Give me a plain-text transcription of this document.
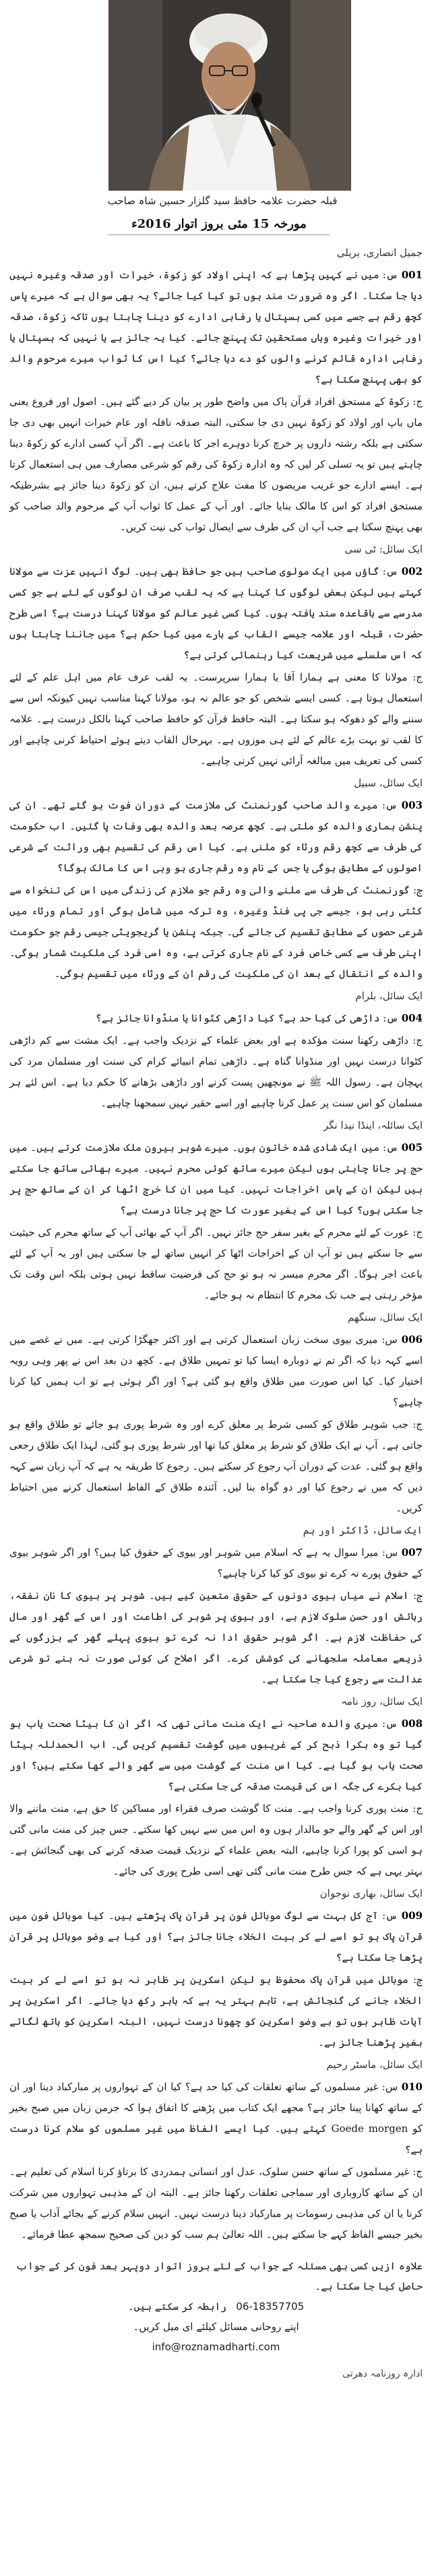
قبلہ حضرت علامہ حافظ سید گلزار حسین شاہ صاحب
مورخہ 15 مئی بروز اتوار 2016ء

جمیل انصاری، بریلی

001 س: میں نے کہیں پڑھا ہے کہ اپنی اولاد کو زکوۃ، خیرات اور صدقہ وغیرہ نہیں دیا جا سکتا۔ اگر وہ ضرورت مند ہوں تو کیا کیا جائے؟ یہ بھی سوال ہے کہ میرے پاس کچھ رقم ہے جسے میں کسی ہسپتال یا رفاہی ادارے کو دینا چاہتا ہوں تاکہ زکوۃ، صدقہ اور خیرات وغیرہ وہاں مستحقین تک پہنچ جائے۔ کیا یہ جائز ہے یا نہیں کہ ہسپتال یا رفاہی ادارہ قائم کرنے والوں کو دے دیا جائے؟ کیا اس کا ثواب میرے مرحوم والد کو بھی پہنچ سکتا ہے؟

ج: زکوۃ کے مستحق افراد قرآن پاک میں واضح طور پر بیان کر دیے گئے ہیں۔ اصول اور فروع یعنی ماں باپ اور اولاد کو زکوۃ نہیں دی جا سکتی، البتہ صدقہ نافلہ اور عام خیرات انہیں بھی دی جا سکتی ہے بلکہ رشتہ داروں پر خرچ کرنا دوہرے اجر کا باعث ہے۔ اگر آپ کسی ادارے کو زکوۃ دینا چاہتے ہیں تو یہ تسلی کر لیں کہ وہ ادارہ زکوۃ کی رقم کو شرعی مصارف میں ہی استعمال کرتا ہے۔ ایسے ادارے جو غریب مریضوں کا مفت علاج کرتے ہیں، ان کو زکوۃ دینا جائز ہے بشرطیکہ مستحق افراد کو اس کا مالک بنایا جائے۔ اور آپ کے عمل کا ثواب آپ کے مرحوم والد صاحب کو بھی پہنچ سکتا ہے جب آپ ان کی طرف سے ایصال ثواب کی نیت کریں۔

ایک سائل: ٹی سی

002 س: گاؤں میں ایک مولوی صاحب ہیں جو حافظ بھی ہیں۔ لوگ انہیں عزت سے مولانا کہتے ہیں لیکن بعض لوگوں کا کہنا ہے کہ یہ لقب صرف ان لوگوں کے لئے ہے جو کسی مدرسے سے باقاعدہ سند یافتہ ہوں۔ کیا کسی غیر عالم کو مولانا کہنا درست ہے؟ اسی طرح حضرت، قبلہ اور علامہ جیسے القاب کے بارے میں کیا حکم ہے؟ میں جاننا چاہتا ہوں کہ اس سلسلے میں شریعت کیا رہنمائی کرتی ہے؟

ج: مولانا کا معنی ہے ہمارا آقا یا ہمارا سرپرست۔ یہ لقب عرف عام میں اہل علم کے لئے استعمال ہوتا ہے۔ کسی ایسے شخص کو جو عالم نہ ہو، مولانا کہنا مناسب نہیں کیونکہ اس سے سننے والے کو دھوکہ ہو سکتا ہے۔ البتہ حافظ قرآن کو حافظ صاحب کہنا بالکل درست ہے۔ علامہ کا لقب تو بہت بڑے عالم کے لئے ہی موزوں ہے۔ بہرحال القاب دیتے ہوئے احتیاط کرنی چاہیے اور کسی کی تعریف میں مبالغہ آرائی نہیں کرنی چاہیے۔

ایک سائل، سبیل

003 س: میرے والد صاحب گورنمنٹ کی ملازمت کے دوران فوت ہو گئے تھے۔ ان کی پنشن ہماری والدہ کو ملتی ہے۔ کچھ عرصہ بعد والدہ بھی وفات پا گئیں۔ اب حکومت کی طرف سے کچھ رقم ورثاء کو ملنی ہے۔ کیا اس رقم کی تقسیم بھی وراثت کے شرعی اصولوں کے مطابق ہوگی یا جس کے نام وہ رقم جاری ہو وہی اس کا مالک ہوگا؟

ج: گورنمنٹ کی طرف سے ملنے والی وہ رقم جو ملازم کی زندگی میں اس کی تنخواہ سے کٹتی رہی ہو، جیسے جی پی فنڈ وغیرہ، وہ ترکہ میں شامل ہوگی اور تمام ورثاء میں شرعی حصوں کے مطابق تقسیم کی جائے گی۔ جبکہ پنشن یا گریجویٹی جیسی رقم جو حکومت اپنی طرف سے کسی خاص فرد کے نام جاری کرتی ہے، وہ اسی فرد کی ملکیت شمار ہوگی۔ والدہ کے انتقال کے بعد ان کی ملکیت کی رقم ان کے ورثاء میں تقسیم ہوگی۔

ایک سائل، بلرام

004 س: داڑھی کی کیا حد ہے؟ کیا داڑھی کٹوانا یا منڈوانا جائز ہے؟

ج: داڑھی رکھنا سنت مؤکدہ ہے اور بعض علماء کے نزدیک واجب ہے۔ ایک مشت سے کم داڑھی کٹوانا درست نہیں اور منڈوانا گناہ ہے۔ داڑھی تمام انبیائے کرام کی سنت اور مسلمان مرد کی پہچان ہے۔ رسول اللہ ﷺ نے مونچھیں پست کرنے اور داڑھی بڑھانے کا حکم دیا ہے۔ اس لئے ہر مسلمان کو اس سنت پر عمل کرنا چاہیے اور اسے حقیر نہیں سمجھنا چاہیے۔

ایک سائلہ، اینڈا نیدا نگر

005 س: میں ایک شادی شدہ خاتون ہوں۔ میرے شوہر بیرون ملک ملازمت کرتے ہیں۔ میں حج پر جانا چاہتی ہوں لیکن میرے ساتھ کوئی محرم نہیں۔ میرے بھائی ساتھ جا سکتے ہیں لیکن ان کے پاس اخراجات نہیں۔ کیا میں ان کا خرچ اٹھا کر ان کے ساتھ حج پر جا سکتی ہوں؟ کیا اس کے بغیر عورت کا حج پر جانا درست ہے؟

ج: عورت کے لئے محرم کے بغیر سفر حج جائز نہیں۔ اگر آپ کے بھائی آپ کے ساتھ محرم کی حیثیت سے جا سکتے ہیں تو آپ ان کے اخراجات اٹھا کر انہیں ساتھ لے جا سکتی ہیں اور یہ آپ کے لئے باعث اجر ہوگا۔ اگر محرم میسر نہ ہو تو حج کی فرضیت ساقط نہیں ہوتی بلکہ اس وقت تک مؤخر رہتی ہے جب تک محرم کا انتظام نہ ہو جائے۔

ایک سائل، سنگھم

006 س: میری بیوی سخت زبان استعمال کرتی ہے اور اکثر جھگڑا کرتی ہے۔ میں نے غصے میں اسے کہہ دیا کہ اگر تم نے دوبارہ ایسا کیا تو تمہیں طلاق ہے۔ کچھ دن بعد اس نے پھر وہی رویہ اختیار کیا۔ کیا اس صورت میں طلاق واقع ہو گئی ہے؟ اور اگر ہوئی ہے تو اب ہمیں کیا کرنا چاہیے؟

ج: جب شوہر طلاق کو کسی شرط پر معلق کرے اور وہ شرط پوری ہو جائے تو طلاق واقع ہو جاتی ہے۔ آپ نے ایک طلاق کو شرط پر معلق کیا تھا اور شرط پوری ہو گئی، لہذا ایک طلاق رجعی واقع ہو گئی۔ عدت کے دوران آپ رجوع کر سکتے ہیں۔ رجوع کا طریقہ یہ ہے کہ آپ زبان سے کہہ دیں کہ میں نے رجوع کیا اور دو گواہ بنا لیں۔ آئندہ طلاق کے الفاظ استعمال کرنے میں احتیاط کریں۔

ایک سائل، ڈاکٹر اور ہم

007 س: میرا سوال یہ ہے کہ اسلام میں شوہر اور بیوی کے حقوق کیا ہیں؟ اور اگر شوہر بیوی کے حقوق پورے نہ کرے تو بیوی کو کیا کرنا چاہیے؟

ج: اسلام نے میاں بیوی دونوں کے حقوق متعین کیے ہیں۔ شوہر پر بیوی کا نان نفقہ، رہائش اور حسن سلوک لازم ہے، اور بیوی پر شوہر کی اطاعت اور اس کے گھر اور مال کی حفاظت لازم ہے۔ اگر شوہر حقوق ادا نہ کرے تو بیوی پہلے گھر کے بزرگوں کے ذریعے معاملہ سلجھانے کی کوشش کرے۔ اگر اصلاح کی کوئی صورت نہ بنے تو شرعی عدالت سے رجوع کیا جا سکتا ہے۔

ایک سائل، روز نامہ

008 س: میری والدہ صاحبہ نے ایک منت مانی تھی کہ اگر ان کا بیٹا صحت یاب ہو گیا تو وہ بکرا ذبح کر کے غریبوں میں گوشت تقسیم کریں گی۔ اب الحمدللہ بیٹا صحت یاب ہو گیا ہے۔ کیا اس منت کے گوشت میں سے گھر والے کھا سکتے ہیں؟ اور کیا بکرے کی جگہ اس کی قیمت صدقہ کی جا سکتی ہے؟

ج: منت پوری کرنا واجب ہے۔ منت کا گوشت صرف فقراء اور مساکین کا حق ہے، منت ماننے والا اور اس کے گھر والے جو مالدار ہوں وہ اس میں سے نہیں کھا سکتے۔ جس چیز کی منت مانی گئی ہو اسی کو پورا کرنا چاہیے، البتہ بعض علماء کے نزدیک قیمت صدقہ کرنے کی بھی گنجائش ہے۔ بہتر یہی ہے کہ جس طرح منت مانی گئی تھی اسی طرح پوری کی جائے۔

ایک سائل، بھاری نوجوان

009 س: آج کل بہت سے لوگ موبائل فون پر قرآن پاک پڑھتے ہیں۔ کیا موبائل فون میں قرآن پاک ہو تو اسے لے کر بیت الخلاء جانا جائز ہے؟ اور کیا بے وضو موبائل پر قرآن پڑھا جا سکتا ہے؟

ج: موبائل میں قرآن پاک محفوظ ہو لیکن اسکرین پر ظاہر نہ ہو تو اسے لے کر بیت الخلاء جانے کی گنجائش ہے، تاہم بہتر یہ ہے کہ باہر رکھ دیا جائے۔ اگر اسکرین پر آیات ظاہر ہوں تو بے وضو اسکرین کو چھونا درست نہیں، البتہ اسکرین کو ہاتھ لگائے بغیر پڑھنا جائز ہے۔

ایک سائل، ماسٹر رحیم

010 س: غیر مسلموں کے ساتھ تعلقات کی کیا حد ہے؟ کیا ان کے تہواروں پر مبارکباد دینا اور ان کے ساتھ کھانا پینا جائز ہے؟ مجھے ایک کتاب میں پڑھنے کا اتفاق ہوا کہ جرمن زبان میں صبح بخیر کو Goede morgen کہتے ہیں۔ کیا ایسے الفاظ میں غیر مسلموں کو سلام کرنا درست ہے؟

ج: غیر مسلموں کے ساتھ حسن سلوک، عدل اور انسانی ہمدردی کا برتاؤ کرنا اسلام کی تعلیم ہے۔ ان کے ساتھ کاروباری اور سماجی تعلقات رکھنا جائز ہے۔ البتہ ان کے مذہبی تہواروں میں شرکت کرنا یا ان کی مذہبی رسومات پر مبارکباد دینا درست نہیں۔ انہیں سلام کرنے کے بجائے آداب یا صبح بخیر جیسے الفاظ کہے جا سکتے ہیں۔ اللہ تعالیٰ ہم سب کو دین کی صحیح سمجھ عطا فرمائے۔

علاوہ ازیں کسی بھی مسئلہ کے جواب کے لئے بروز اتوار دوپہر بعد فون کر کے جواب حاصل کیا جا سکتا ہے۔
06-18357705   رابطہ کر سکتے ہیں۔
اپنے روحانی مسائل کیلئے ای میل کریں۔
info@roznamadharti.com
ادارہ روزنامہ دھرتی
